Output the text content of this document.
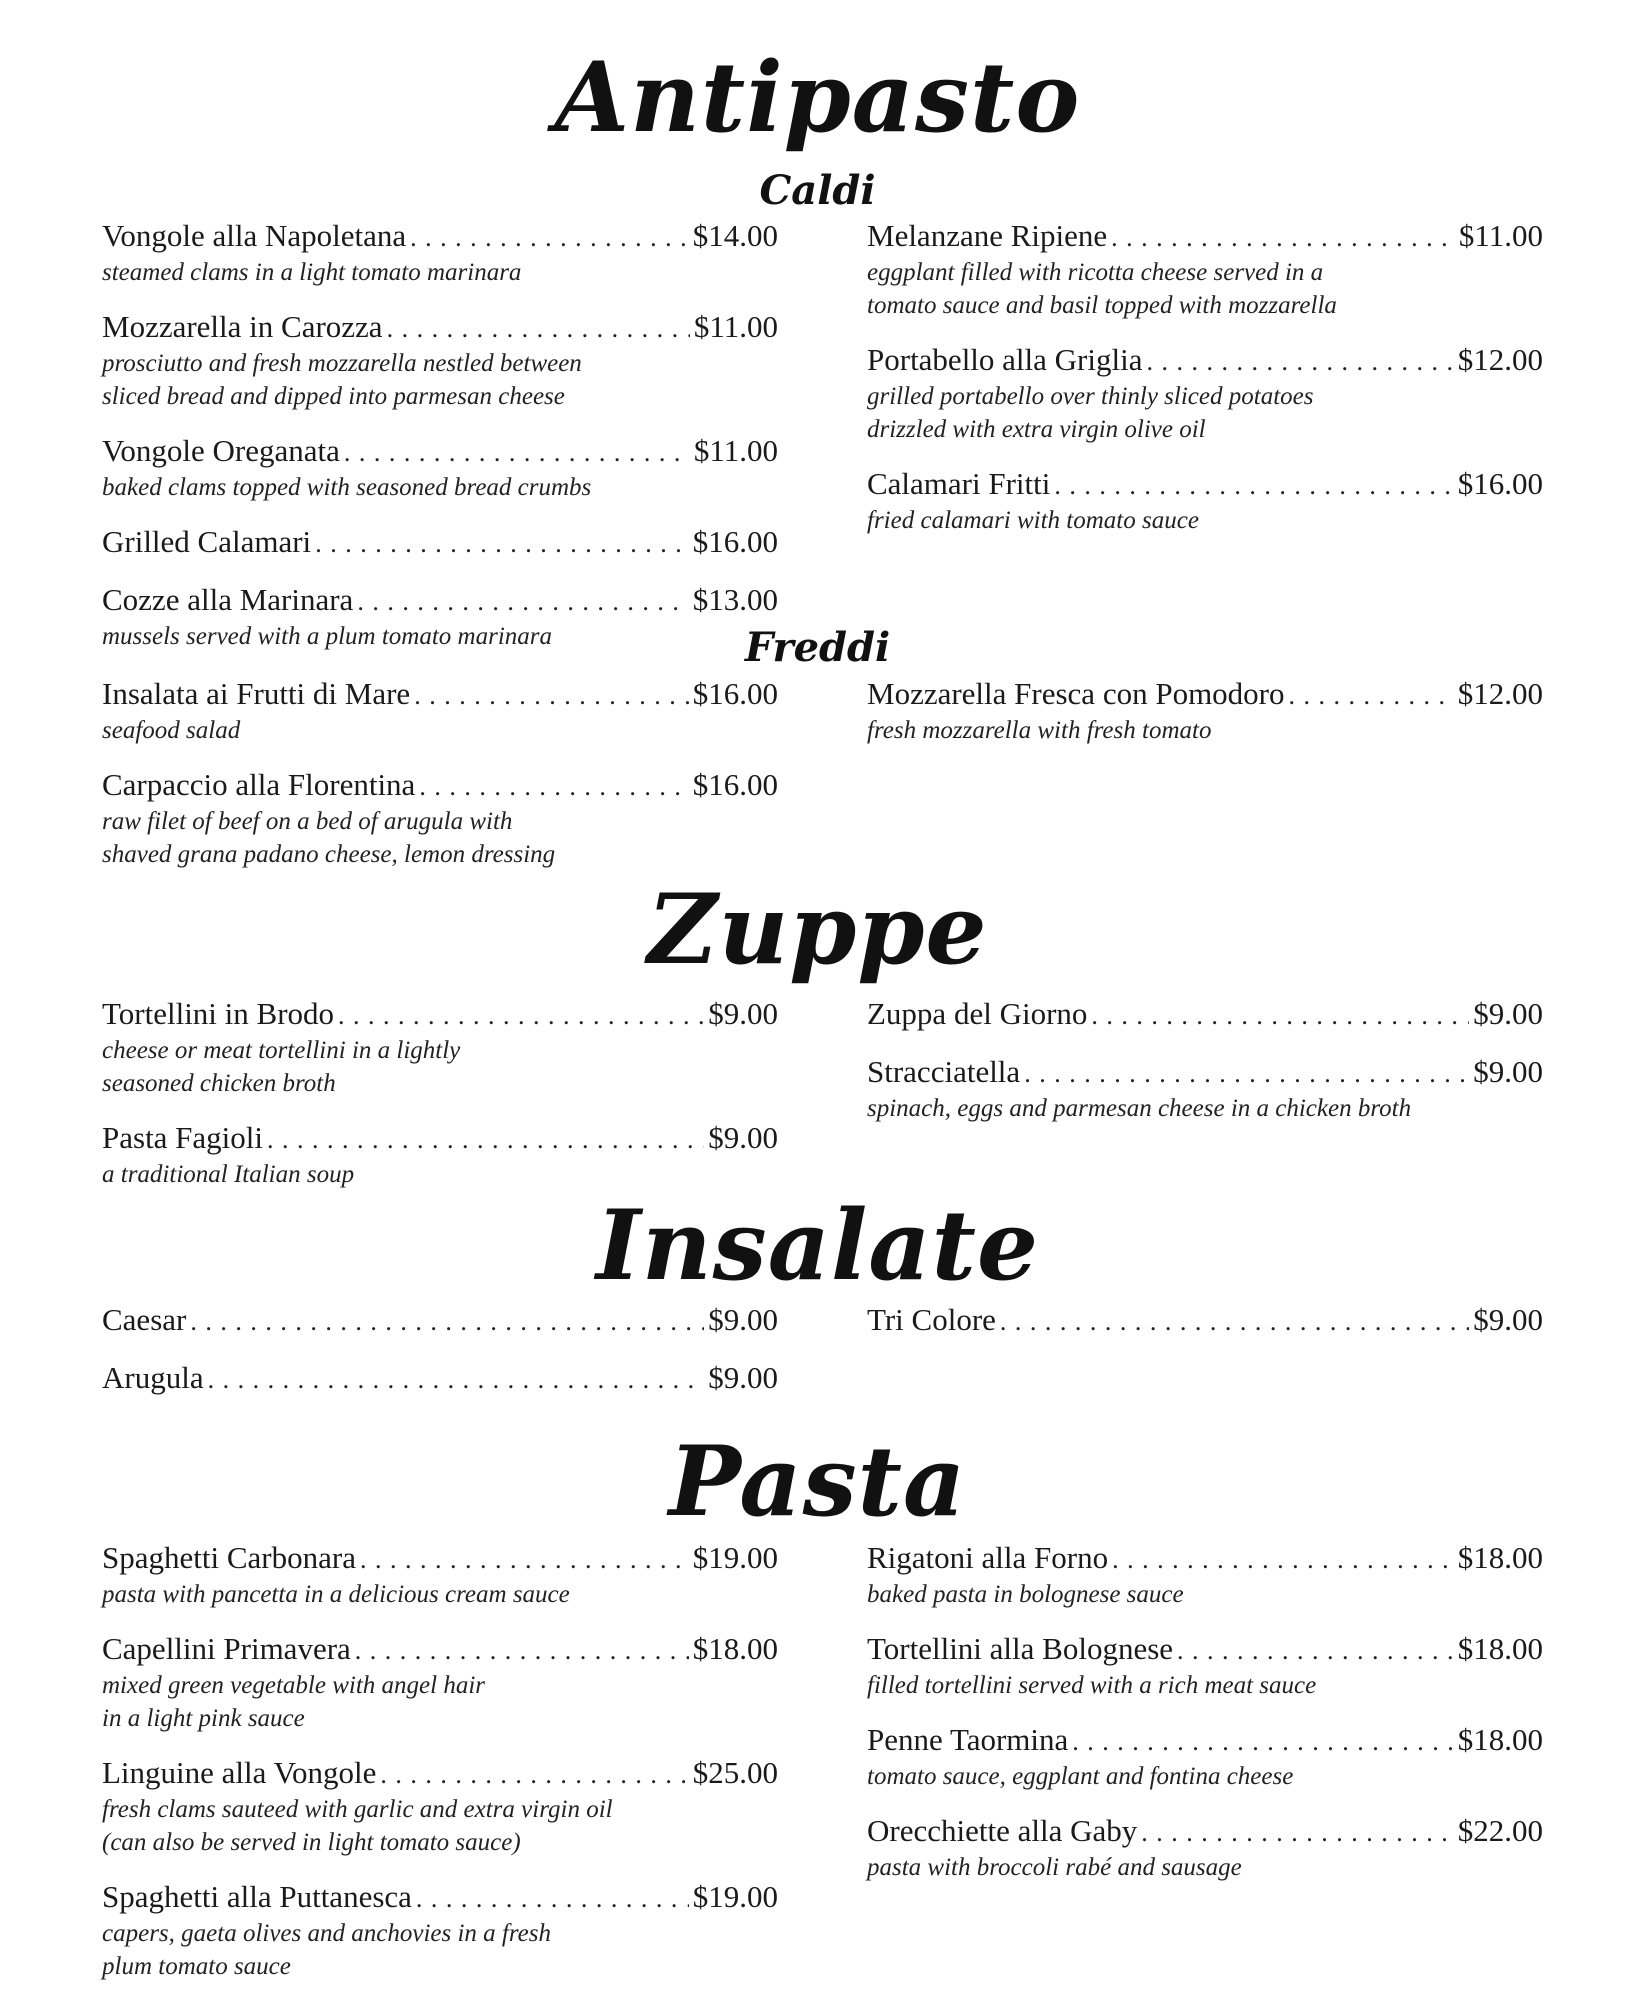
Antipasto
Caldi
Vongole alla Napoletana . . .	$14.00
steamed clams in a light tomato marinara
Mozzarella in Carozza . . .	$11.00
prosciutto and fresh mozzarella nestled between
sliced bread and dipped into parmesan cheese
Vongole Oreganata . . .	$11.00
baked clams topped with seasoned bread crumbs
Grilled Calamari . . .	$16.00
Cozze alla Marinara . . .	$13.00
mussels served with a plum tomato marinara
Melanzane Ripiene . . .	$11.00
eggplant filled with ricotta cheese served in a
tomato sauce and basil topped with mozzarella
Portabello alla Griglia . . .	$12.00
grilled portabello over thinly sliced potatoes
drizzled with extra virgin olive oil
Calamari Fritti . . .	$16.00
fried calamari with tomato sauce
Freddi
Insalata ai Frutti di Mare . . .	$16.00
seafood salad
Carpaccio alla Florentina . . .	$16.00
raw filet of beef on a bed of arugula with
shaved grana padano cheese, lemon dressing
Mozzarella Fresca con Pomodoro . . .	$12.00
fresh mozzarella with fresh tomato
Zuppe
Tortellini in Brodo . . .	$9.00
cheese or meat tortellini in a lightly
seasoned chicken broth
Pasta Fagioli . . .	$9.00
a traditional Italian soup
Zuppa del Giorno . . .	$9.00
Stracciatella . . .	$9.00
spinach, eggs and parmesan cheese in a chicken broth
Insalate
Caesar . . .	$9.00
Arugula . . .	$9.00
Tri Colore . . .	$9.00
Pasta
Spaghetti Carbonara . . .	$19.00
pasta with pancetta in a delicious cream sauce
Capellini Primavera . . .	$18.00
mixed green vegetable with angel hair
in a light pink sauce
Linguine alla Vongole . . .	$25.00
fresh clams sauteed with garlic and extra virgin oil
(can also be served in light tomato sauce)
Spaghetti alla Puttanesca . . .	$19.00
capers, gaeta olives and anchovies in a fresh
plum tomato sauce
Rigatoni alla Forno . . .	$18.00
baked pasta in bolognese sauce
Tortellini alla Bolognese . . .	$18.00
filled tortellini served with a rich meat sauce
Penne Taormina . . .	$18.00
tomato sauce, eggplant and fontina cheese
Orecchiette alla Gaby . . .	$22.00
pasta with broccoli rabé and sausage
